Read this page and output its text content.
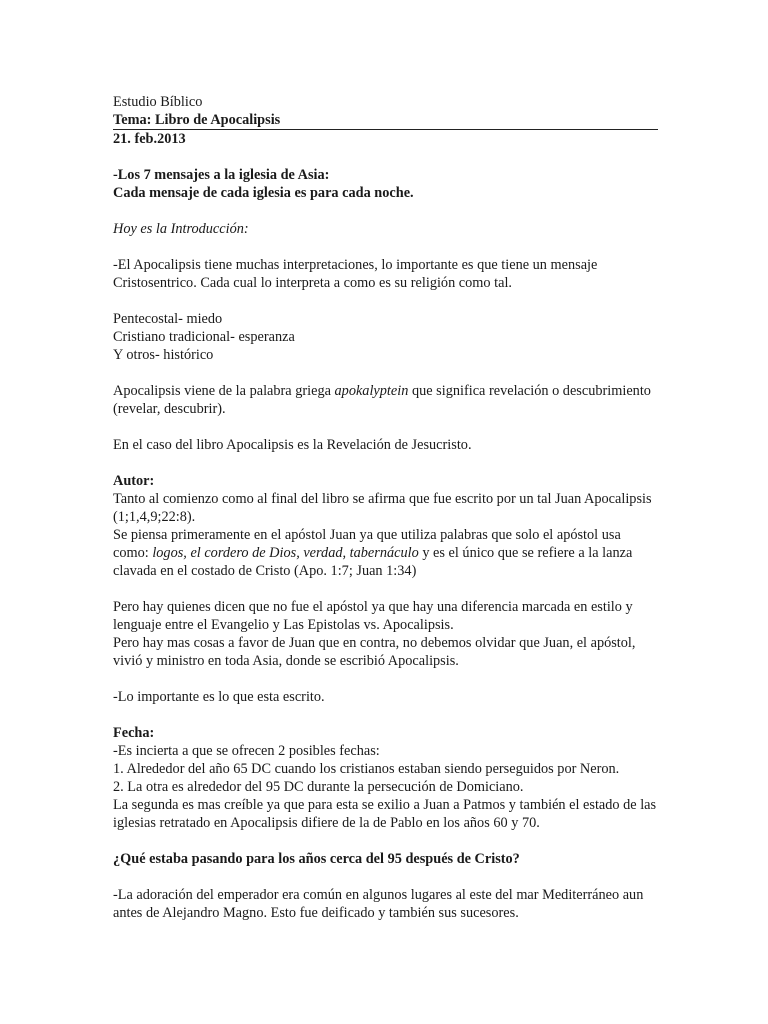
Estudio Bíblico

Tema: Libro de Apocalipsis

21. feb.2013

-Los 7 mensajes a la iglesia de Asia:

Cada mensaje de cada iglesia es para cada noche.

Hoy es la Introducción:

-El Apocalipsis tiene muchas interpretaciones, lo importante es que tiene un mensaje Cristosentrico. Cada cual lo interpreta a como es su religión como tal.

Pentecostal- miedo

Cristiano tradicional- esperanza

Y otros- histórico

Apocalipsis viene de la palabra griega apokalyptein que significa revelación o descubrimiento (revelar, descubrir).

En el caso del libro Apocalipsis es la Revelación de Jesucristo.

Autor:

Tanto al comienzo como al final del libro se afirma que fue escrito por un tal Juan Apocalipsis (1;1,4,9;22:8).

Se piensa primeramente en el apóstol Juan ya que utiliza palabras que solo el apóstol usa como: logos, el cordero de Dios, verdad, tabernáculo y es el único que se refiere a la lanza clavada en el costado de Cristo (Apo. 1:7; Juan 1:34)

Pero hay quienes dicen que no fue el apóstol ya que hay una diferencia marcada en estilo y lenguaje entre el Evangelio y Las Epistolas vs. Apocalipsis.

Pero hay mas cosas a favor de Juan que en contra, no debemos olvidar que Juan, el apóstol, vivió y ministro en toda Asia, donde se escribió Apocalipsis.

-Lo importante es lo que esta escrito.

Fecha:

-Es incierta a que se ofrecen 2 posibles fechas:

1. Alrededor del año 65 DC cuando los cristianos estaban siendo perseguidos por Neron.

2. La otra es alrededor del 95 DC durante la persecución de Domiciano.

La segunda es mas creíble ya que para esta se exilio a Juan a Patmos y también el estado de las iglesias retratado en Apocalipsis difiere de la de Pablo en los años 60 y 70.

¿Qué estaba pasando para los años cerca del 95 después de Cristo?

-La adoración del emperador era común en algunos lugares al este del mar Mediterráneo aun antes de Alejandro Magno. Esto fue deificado y también sus sucesores.
